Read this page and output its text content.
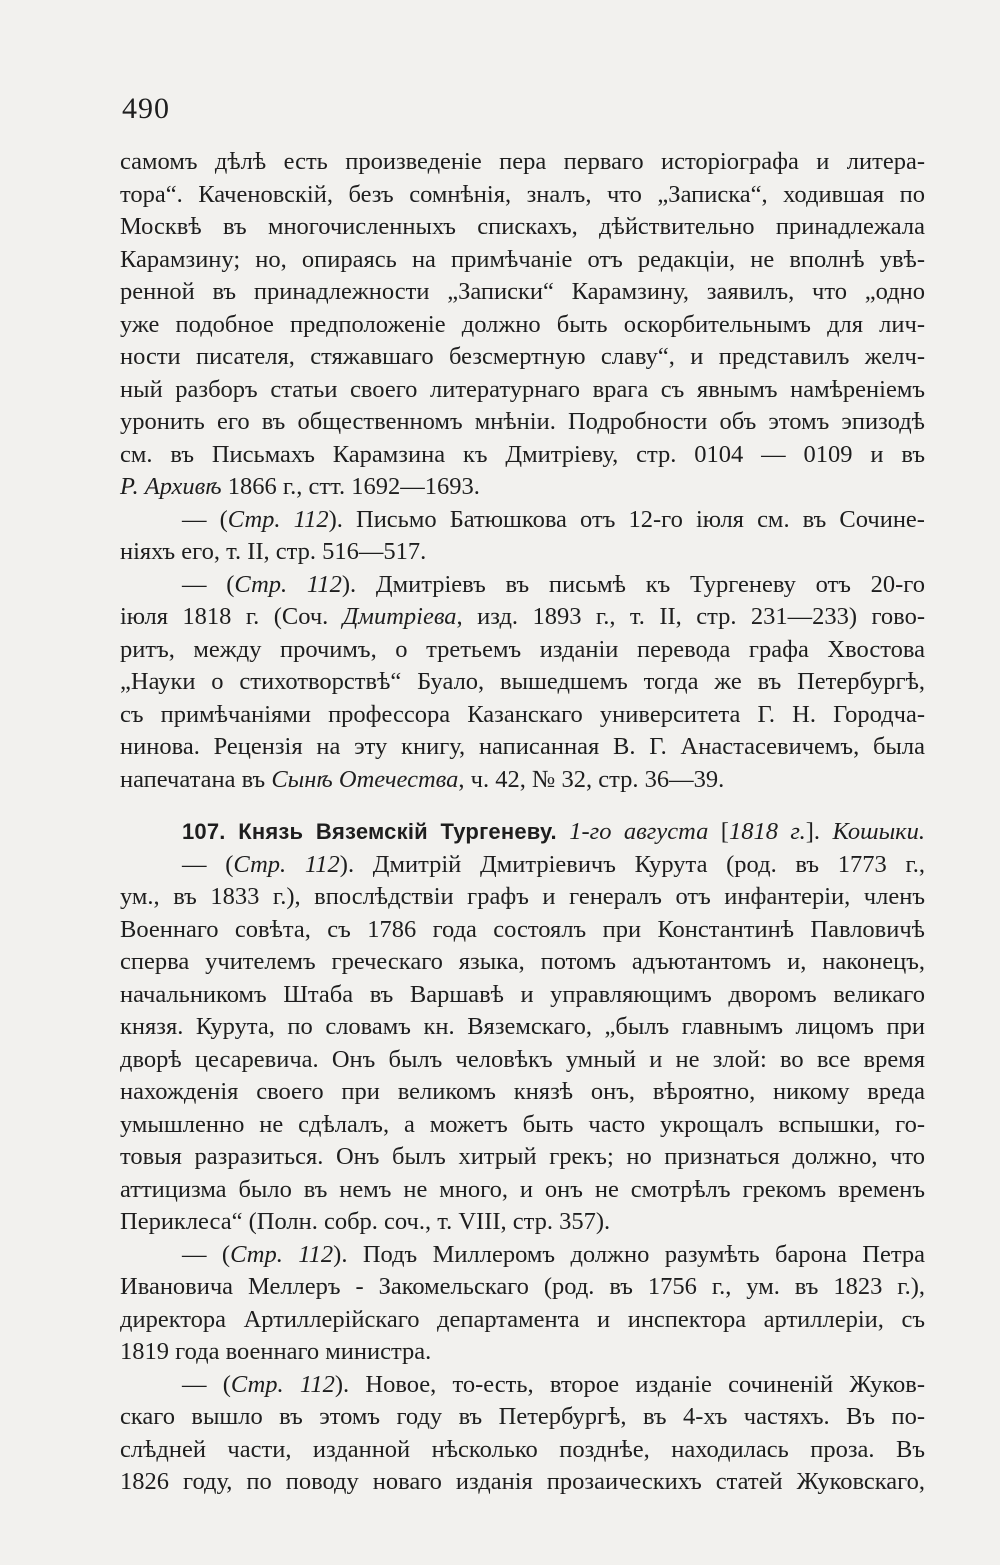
490
самомъ дѣлѣ есть произведенiе пера перваго исторiографа и литера-
тора“. Каченовскiй, безъ сомнѣнiя, зналъ, что „Записка“, ходившая по
Москвѣ въ многочисленныхъ спискахъ, дѣйствительно принадлежала
Карамзину; но, опираясь на примѣчанiе отъ редакцiи, не вполнѣ увѣ-
ренной въ принадлежности „Записки“ Карамзину, заявилъ, что „одно
уже подобное предположенiе должно быть оскорбительнымъ для лич-
ности писателя, стяжавшаго безсмертную славу“, и представилъ желч-
ный разборъ статьи своего литературнаго врага съ явнымъ намѣренiемъ
уронить его въ общественномъ мнѣнiи. Подробности объ этомъ эпизодѣ
см. въ Письмахъ Карамзина къ Дмитрiеву, стр. 0104 — 0109 и въ
Р. Архивѣ 1866 г., стт. 1692—1693.
— (Стр. 112). Письмо Батюшкова отъ 12-го iюля см. въ Сочине-
нiяхъ его, т. II, стр. 516—517.
— (Стр. 112). Дмитрiевъ въ письмѣ къ Тургеневу отъ 20-го
iюля 1818 г. (Соч. Дмитрiева, изд. 1893 г., т. II, стр. 231—233) гово-
ритъ, между прочимъ, о третьемъ изданiи перевода графа Хвостова
„Науки о стихотворствѣ“ Буало, вышедшемъ тогда же въ Петербургѣ,
съ примѣчанiями профессора Казанскаго университета Г. Н. Городча-
нинова. Рецензiя на эту книгу, написанная В. Г. Анастасевичемъ, была
напечатана въ Сынѣ Отечества, ч. 42, № 32, стр. 36—39.
107. Князь Вяземскiй Тургеневу. 1-го августа [1818 г.]. Кошыки.
— (Стр. 112). Дмитрiй Дмитрiевичъ Курута (род. въ 1773 г.,
ум., въ 1833 г.), впослѣдствiи графъ и генералъ отъ инфантерiи, членъ
Военнаго совѣта, съ 1786 года состоялъ при Константинѣ Павловичѣ
сперва учителемъ греческаго языка, потомъ адъютантомъ и, наконецъ,
начальникомъ Штаба въ Варшавѣ и управляющимъ дворомъ великаго
князя. Курута, по словамъ кн. Вяземскаго, „былъ главнымъ лицомъ при
дворѣ цесаревича. Онъ былъ человѣкъ умный и не злой: во все время
нахожденiя своего при великомъ князѣ онъ, вѣроятно, никому вреда
умышленно не сдѣлалъ, а можетъ быть часто укрощалъ вспышки, го-
товыя разразиться. Онъ былъ хитрый грекъ; но признаться должно, что
аттицизма было въ немъ не много, и онъ не смотрѣлъ грекомъ временъ
Периклеса“ (Полн. собр. соч., т. VIII, стр. 357).
— (Стр. 112). Подъ Миллеромъ должно разумѣть барона Петра
Ивановича Меллеръ - Закомельскаго (род. въ 1756 г., ум. въ 1823 г.),
директора Артиллерiйскаго департамента и инспектора артиллерiи, съ
1819 года военнаго министра.
— (Стр. 112). Новое, то-есть, второе изданiе сочиненiй Жуков-
скаго вышло въ этомъ году въ Петербургѣ, въ 4-хъ частяхъ. Въ по-
слѣдней части, изданной нѣсколько позднѣе, находилась проза. Въ
1826 году, по поводу новаго изданiя прозаическихъ статей Жуковскаго,
